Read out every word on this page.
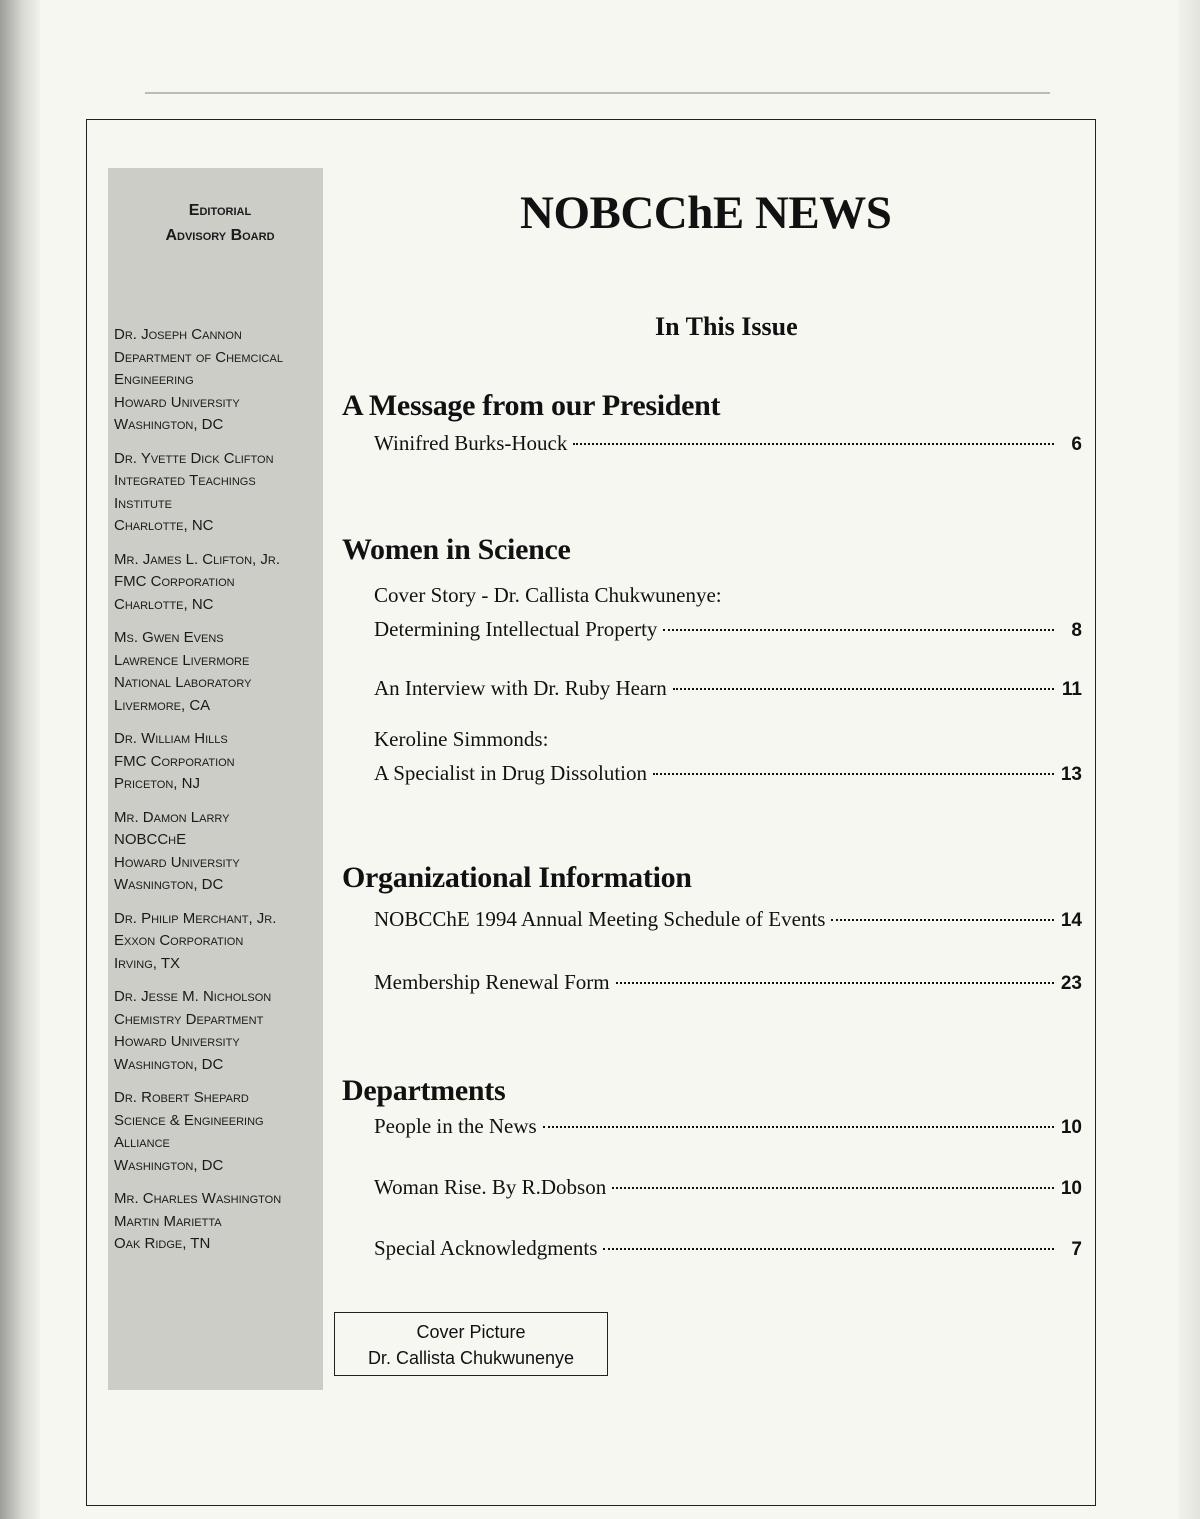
Editorial
Advisory Board
Dr. Joseph Cannon
Department of Chemcical
Engineering
Howard University
Washington, DC
Dr. Yvette Dick Clifton
Integrated Teachings
Institute
Charlotte, NC
Mr. James L. Clifton, Jr.
FMC Corporation
Charlotte, NC
Ms. Gwen Evens
Lawrence Livermore
National Laboratory
Livermore, CA
Dr. William Hills
FMC Corporation
Priceton, NJ
Mr. Damon Larry
NOBCChE
Howard University
Wasnington, DC
Dr. Philip Merchant, Jr.
Exxon Corporation
Irving, TX
Dr. Jesse M. Nicholson
Chemistry Department
Howard University
Washington, DC
Dr. Robert Shepard
Science & Engineering
Alliance
Washington, DC
Mr. Charles Washington
Martin Marietta
Oak Ridge, TN
NOBCChE NEWS
In This Issue
A Message from our President
Winifred Burks-Houck	6
Women in Science
Cover Story - Dr. Callista Chukwunenye:
Determining Intellectual Property	8
An Interview with Dr. Ruby Hearn	11
Keroline Simmonds:
A Specialist in Drug Dissolution	13
Organizational Information
NOBCChE 1994 Annual Meeting Schedule of Events	14
Membership Renewal Form	23
Departments
People in the News	10
Woman Rise. By R.Dobson	10
Special Acknowledgments	7
Cover Picture
Dr. Callista Chukwunenye
